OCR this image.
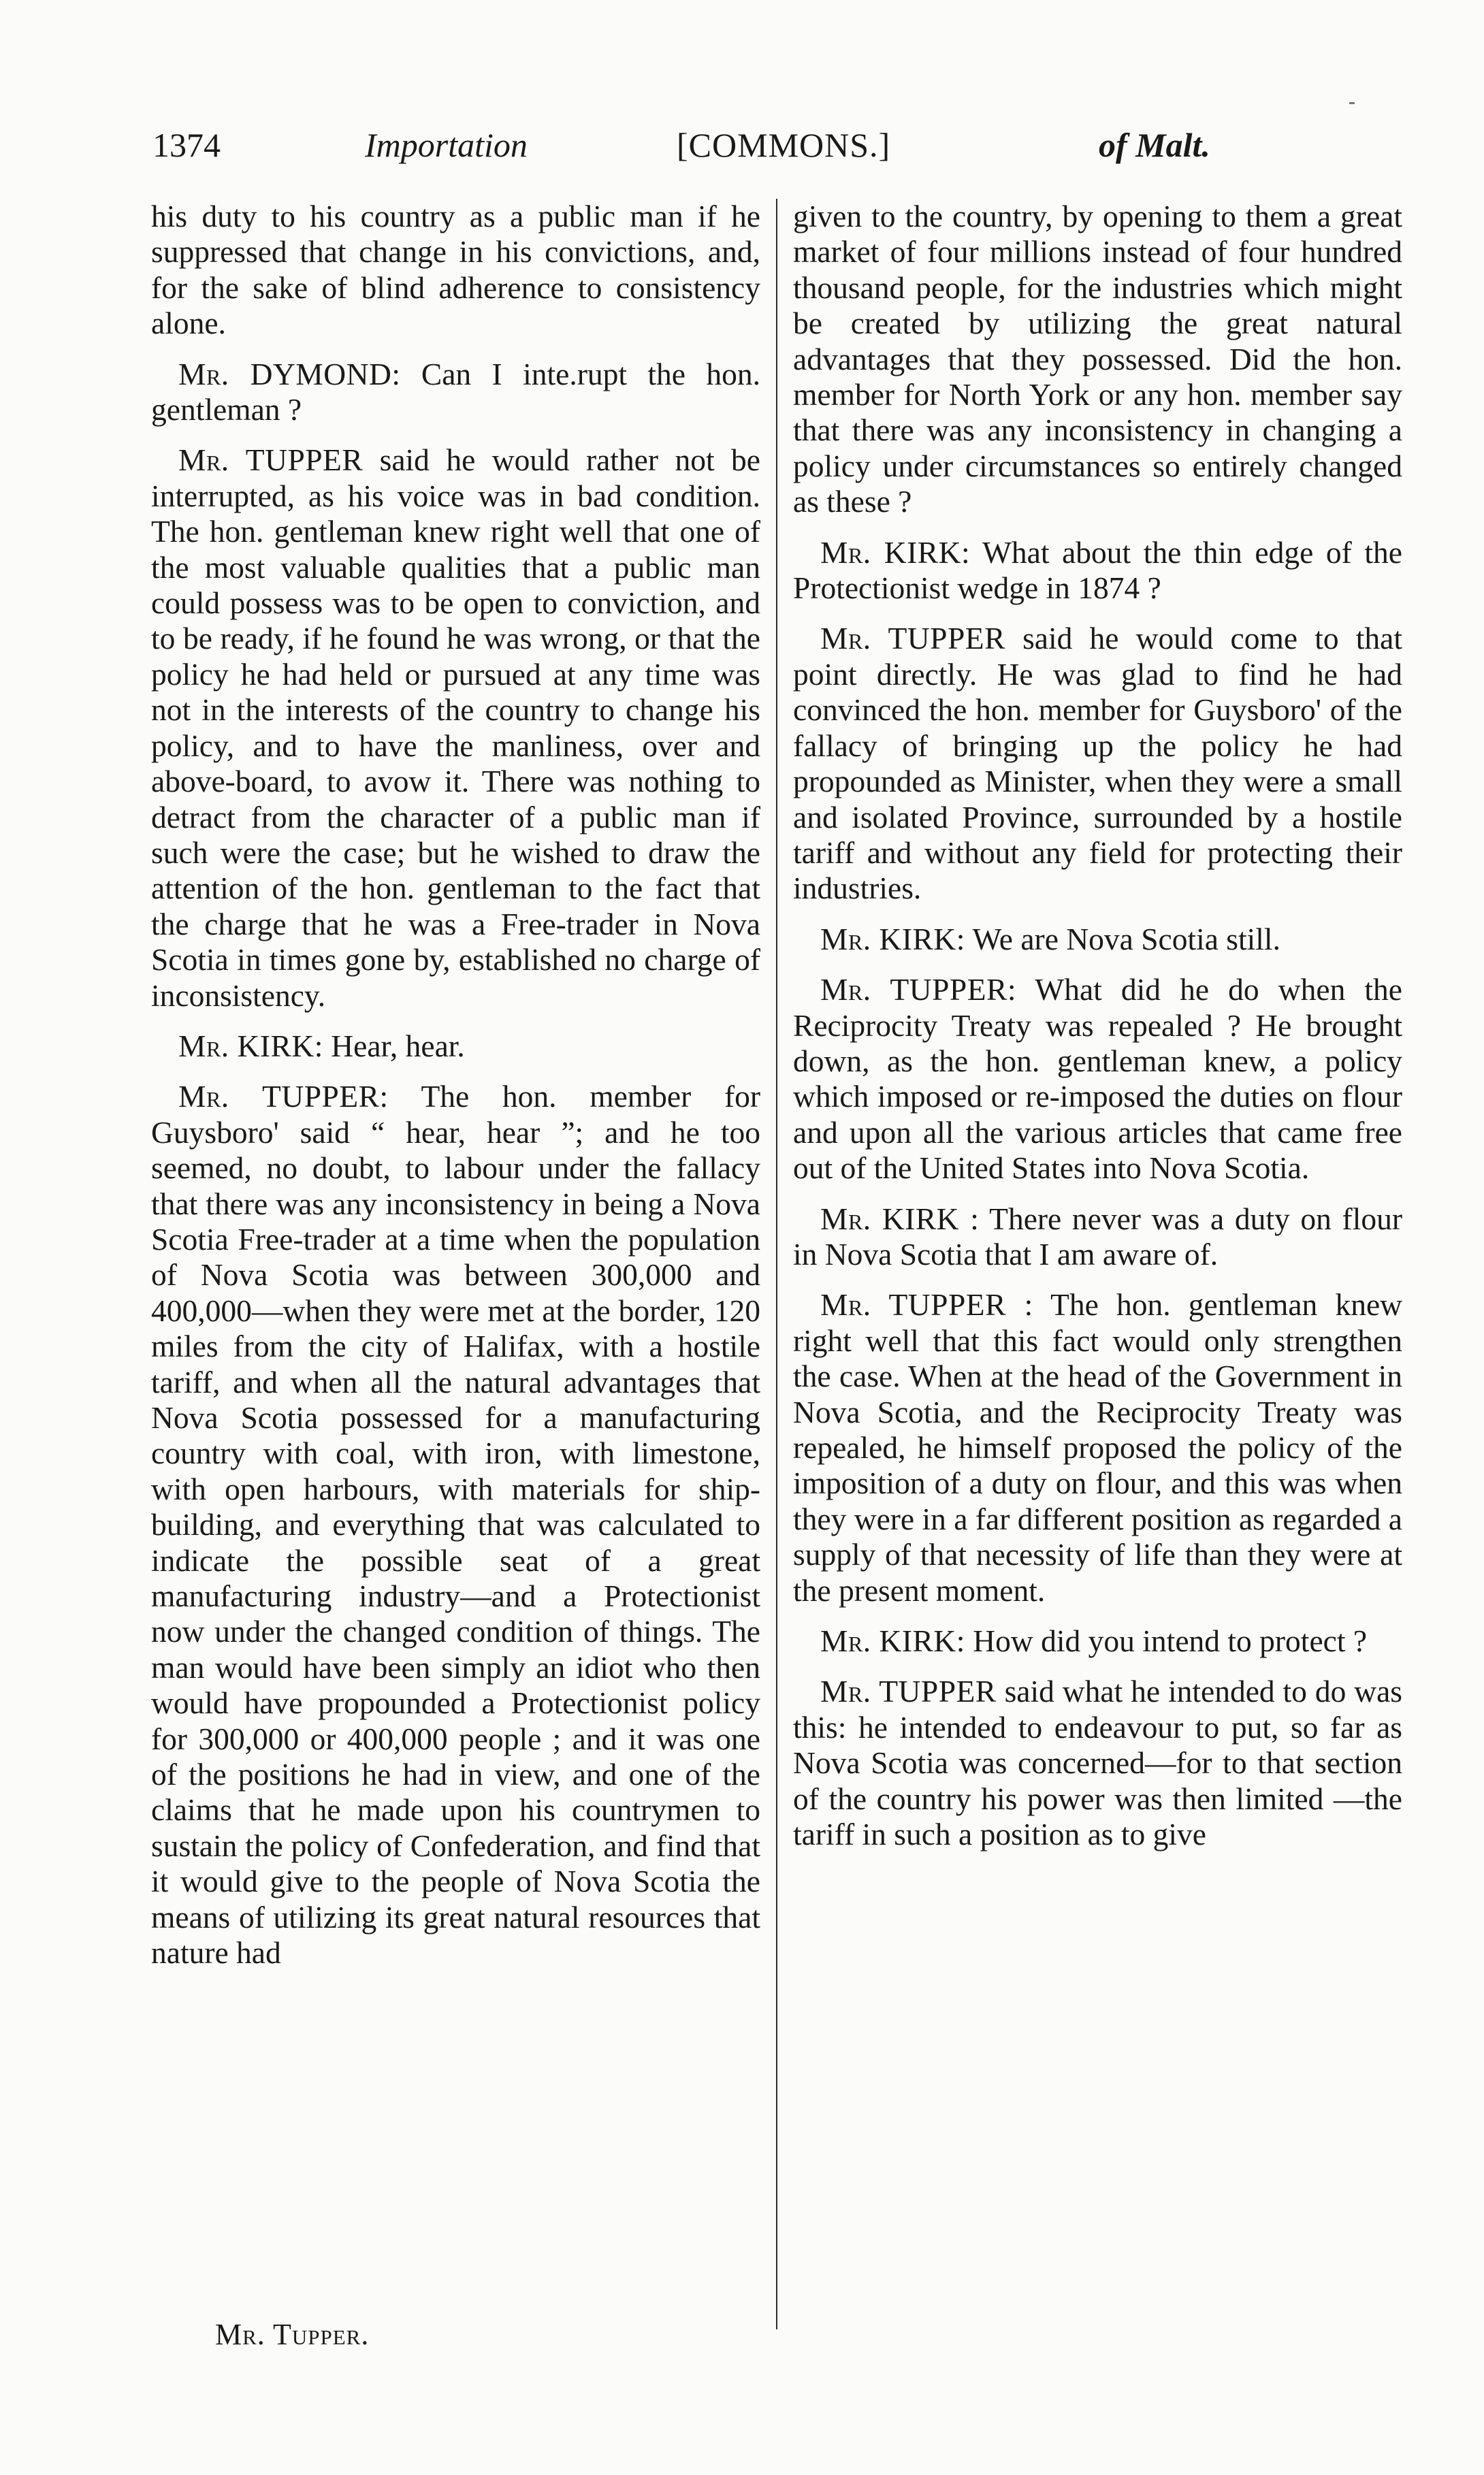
1374	Importation	[COMMONS.]	of Malt.

his duty to his country as a public man if he suppressed that change in his convictions, and, for the sake of blind adherence to consistency alone.

Mr. DYMOND: Can I inte.rupt the hon. gentleman ?

Mr. TUPPER said he would rather not be interrupted, as his voice was in bad condition. The hon. gentleman knew right well that one of the most valuable qualities that a public man could possess was to be open to conviction, and to be ready, if he found he was wrong, or that the policy he had held or pursued at any time was not in the interests of the country to change his policy, and to have the manliness, over and above-board, to avow it. There was nothing to detract from the character of a public man if such were the case; but he wished to draw the attention of the hon. gentleman to the fact that the charge that he was a Free-trader in Nova Scotia in times gone by, established no charge of inconsistency.

Mr. KIRK: Hear, hear.

Mr. TUPPER: The hon. member for Guysboro' said “ hear, hear ”; and he too seemed, no doubt, to labour under the fallacy that there was any inconsistency in being a Nova Scotia Free-trader at a time when the population of Nova Scotia was between 300,000 and 400,000—when they were met at the border, 120 miles from the city of Halifax, with a hostile tariff, and when all the natural advantages that Nova Scotia possessed for a manufacturing country with coal, with iron, with limestone, with open harbours, with materials for ship-building, and everything that was calculated to indicate the possible seat of a great manufacturing industry—and a Protectionist now under the changed condition of things. The man would have been simply an idiot who then would have propounded a Protectionist policy for 300,000 or 400,000 people ; and it was one of the positions he had in view, and one of the claims that he made upon his countrymen to sustain the policy of Confederation, and find that it would give to the people of Nova Scotia the means of utilizing its great natural resources that nature had

given to the country, by opening to them a great market of four millions instead of four hundred thousand people, for the industries which might be created by utilizing the great natural advantages that they possessed. Did the hon. member for North York or any hon. member say that there was any inconsistency in changing a policy under circumstances so entirely changed as these ?

Mr. KIRK: What about the thin edge of the Protectionist wedge in 1874 ?

Mr. TUPPER said he would come to that point directly. He was glad to find he had convinced the hon. member for Guysboro' of the fallacy of bringing up the policy he had propounded as Minister, when they were a small and isolated Province, surrounded by a hostile tariff and without any field for protecting their industries.

Mr. KIRK: We are Nova Scotia still.

Mr. TUPPER: What did he do when the Reciprocity Treaty was repealed ? He brought down, as the hon. gentleman knew, a policy which imposed or re-imposed the duties on flour and upon all the various articles that came free out of the United States into Nova Scotia.

Mr. KIRK : There never was a duty on flour in Nova Scotia that I am aware of.

Mr. TUPPER : The hon. gentleman knew right well that this fact would only strengthen the case. When at the head of the Government in Nova Scotia, and the Reciprocity Treaty was repealed, he himself proposed the policy of the imposition of a duty on flour, and this was when they were in a far different position as regarded a supply of that necessity of life than they were at the present moment.

Mr. KIRK: How did you intend to protect ?

Mr. TUPPER said what he intended to do was this: he intended to endeavour to put, so far as Nova Scotia was concerned—for to that section of the country his power was then limited —the tariff in such a position as to give

Mr. Tupper.
